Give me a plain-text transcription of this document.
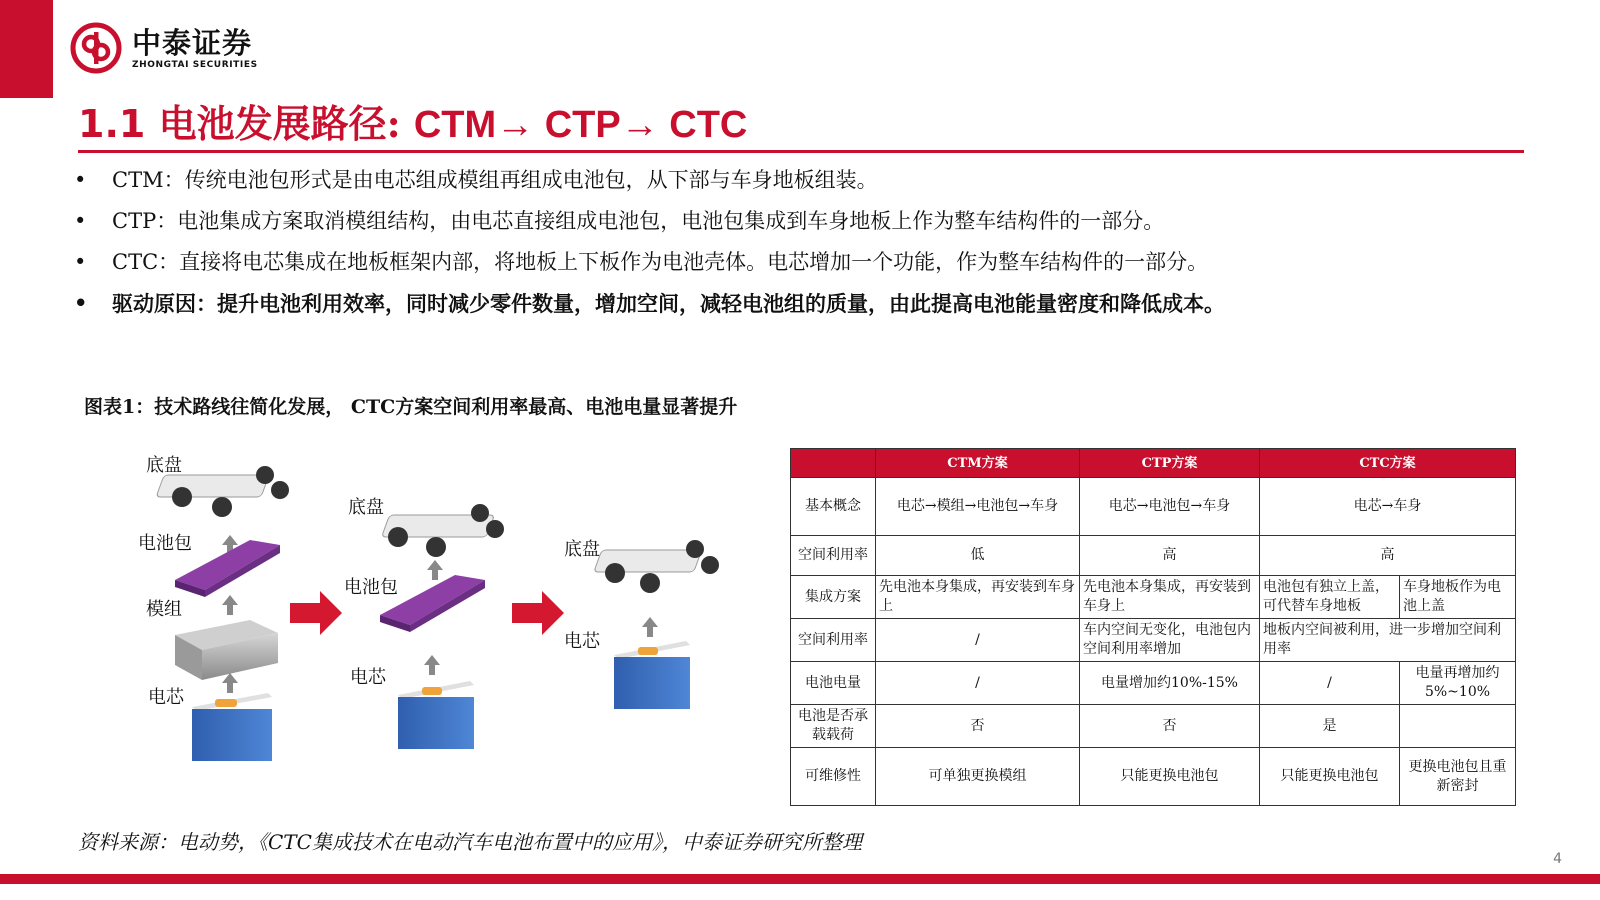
中泰证券
ZHONGTAI SECURITIES
1.1 电池发展路径: CTM→ CTP→ CTC
• CTM：传统电池包形式是由电芯组成模组再组成电池包，从下部与车身地板组装。
• CTP：电池集成方案取消模组结构，由电芯直接组成电池包，电池包集成到车身地板上作为整车结构件的一部分。
• CTC：直接将电芯集成在地板框架内部，将地板上下板作为电池壳体。电芯增加一个功能，作为整车结构件的一部分。
• 驱动原因：提升电池利用效率，同时减少零件数量，增加空间，减轻电池组的质量，由此提高电池能量密度和降低成本。
图表1：技术路线往简化发展， CTC方案空间利用率最高、电池电量显著提升
底盘
电池包
模组
电芯
底盘
电池包
电芯
底盘
电芯
	CTM方案	CTP方案	CTC方案	
基本概念	电芯→模组→电池包→车身	电芯→电池包→车身	电芯→车身	
空间利用率	低	高	高	
集成方案	先电池本身集成，再安装到车身上	先电池本身集成，再安装到车身上	电池包有独立上盖，可代替车身地板	车身地板作为电池上盖
空间利用率	/	车内空间无变化，电池包内空间利用率增加	地板内空间被利用，进一步增加空间利用率	
电池电量	/	电量增加约10%-15%	/	电量再增加约5%~10%
电池是否承载载荷	否	否	是	
可维修性	可单独更换模组	只能更换电池包	只能更换电池包	更换电池包且重新密封
资料来源：电动势，《CTC集成技术在电动汽车电池布置中的应用》，中泰证券研究所整理
4
